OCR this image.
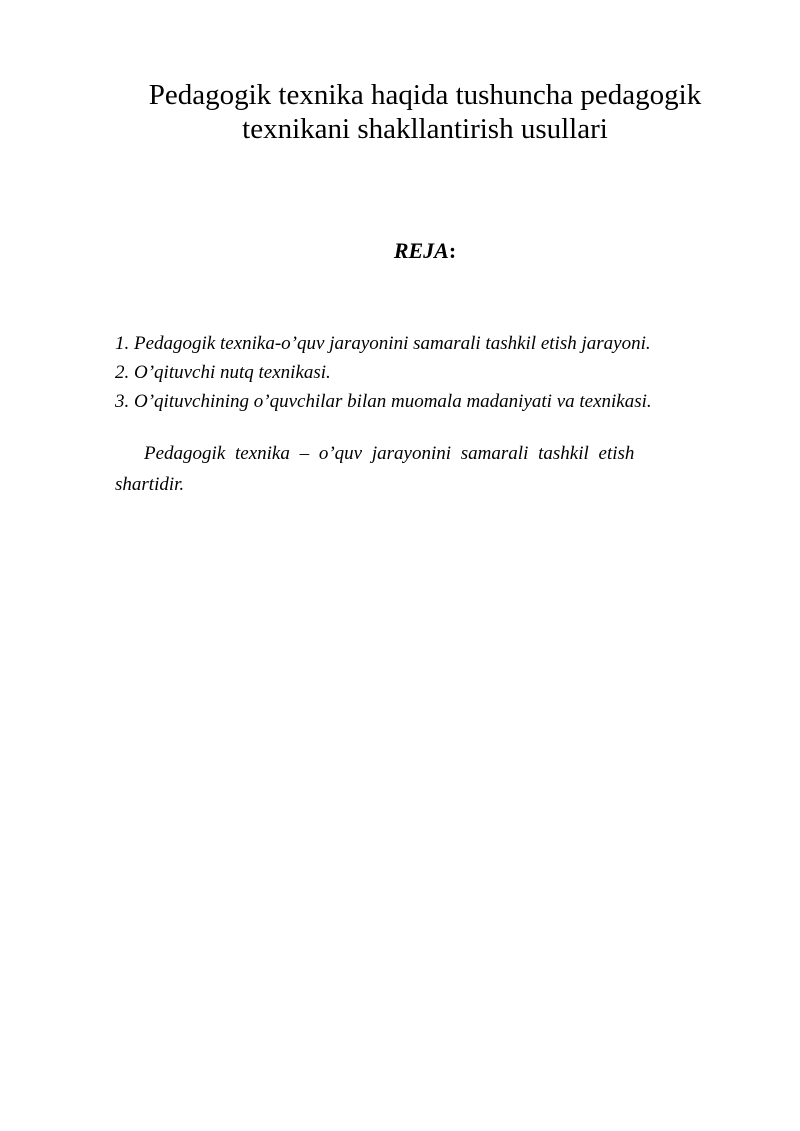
Pedagogik texnika haqida tushuncha pedagogik
texnikani shakllantirish usullari

REJA:

1. Pedagogik texnika-o’quv jarayonini samarali tashkil etish jarayoni.
2. O’qituvchi nutq texnikasi.
3. O’qituvchining o’quvchilar bilan muomala madaniyati va texnikasi.

Pedagogik texnika – o’quv jarayonini samarali tashkil etish
shartidir.
